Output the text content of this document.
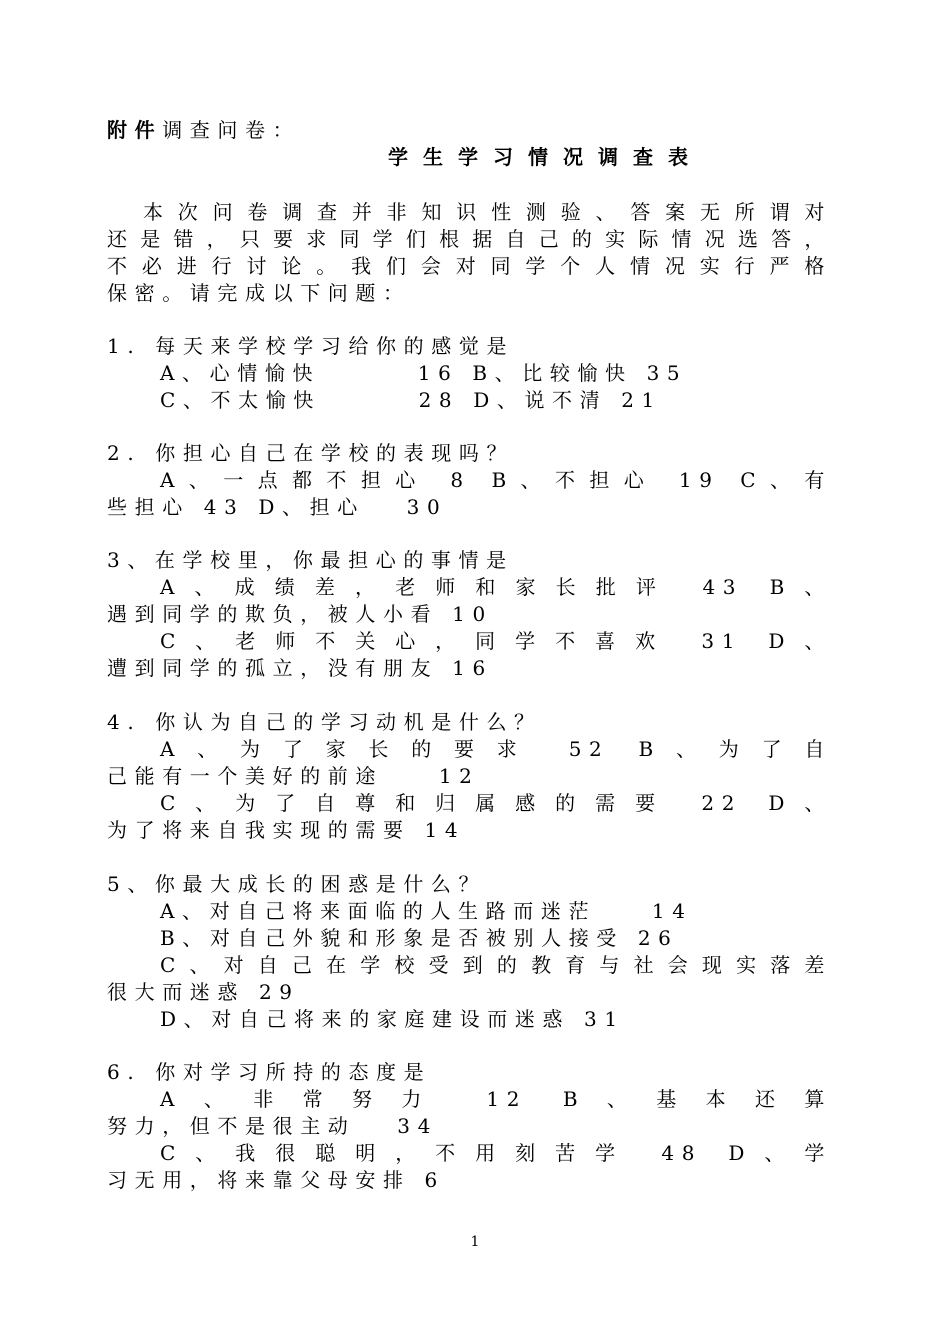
附件调查问卷：
学生学习情况调查表
本次问卷调查并非知识性测验、答案无所谓对
还是错，只要求同学们根据自己的实际情况选答，
不必进行讨论。我们会对同学个人情况实行严格
保密。请完成以下问题：
1. 每天来学校学习给你的感觉是
A、心情愉快       16 B、比较愉快 35
C、不太愉快       28 D、说不清 21
2. 你担心自己在学校的表现吗？
A、一点都不担心 8 B、不担心 19 C、有
些担心 43 D、担心   30
3、在学校里，你最担心的事情是
A、成绩差，老师和家长批评 43 B、
遇到同学的欺负，被人小看 10
C、老师不关心，同学不喜欢 31 D、
遭到同学的孤立，没有朋友 16
4. 你认为自己的学习动机是什么？
A、为了家长的要求 52 B、为了自
己能有一个美好的前途    12
C、为了自尊和归属感的需要 22 D、
为了将来自我实现的需要 14
5、你最大成长的困惑是什么？
A、对自己将来面临的人生路而迷茫    14
B、对自己外貌和形象是否被别人接受 26
C、对自己在学校受到的教育与社会现实落差
很大而迷惑 29
D、对自己将来的家庭建设而迷惑 31
6. 你对学习所持的态度是
A、非常努力 12 B、基本还算
努力，但不是很主动   34
C、我很聪明，不用刻苦学 48 D、学
习无用，将来靠父母安排 6
1
